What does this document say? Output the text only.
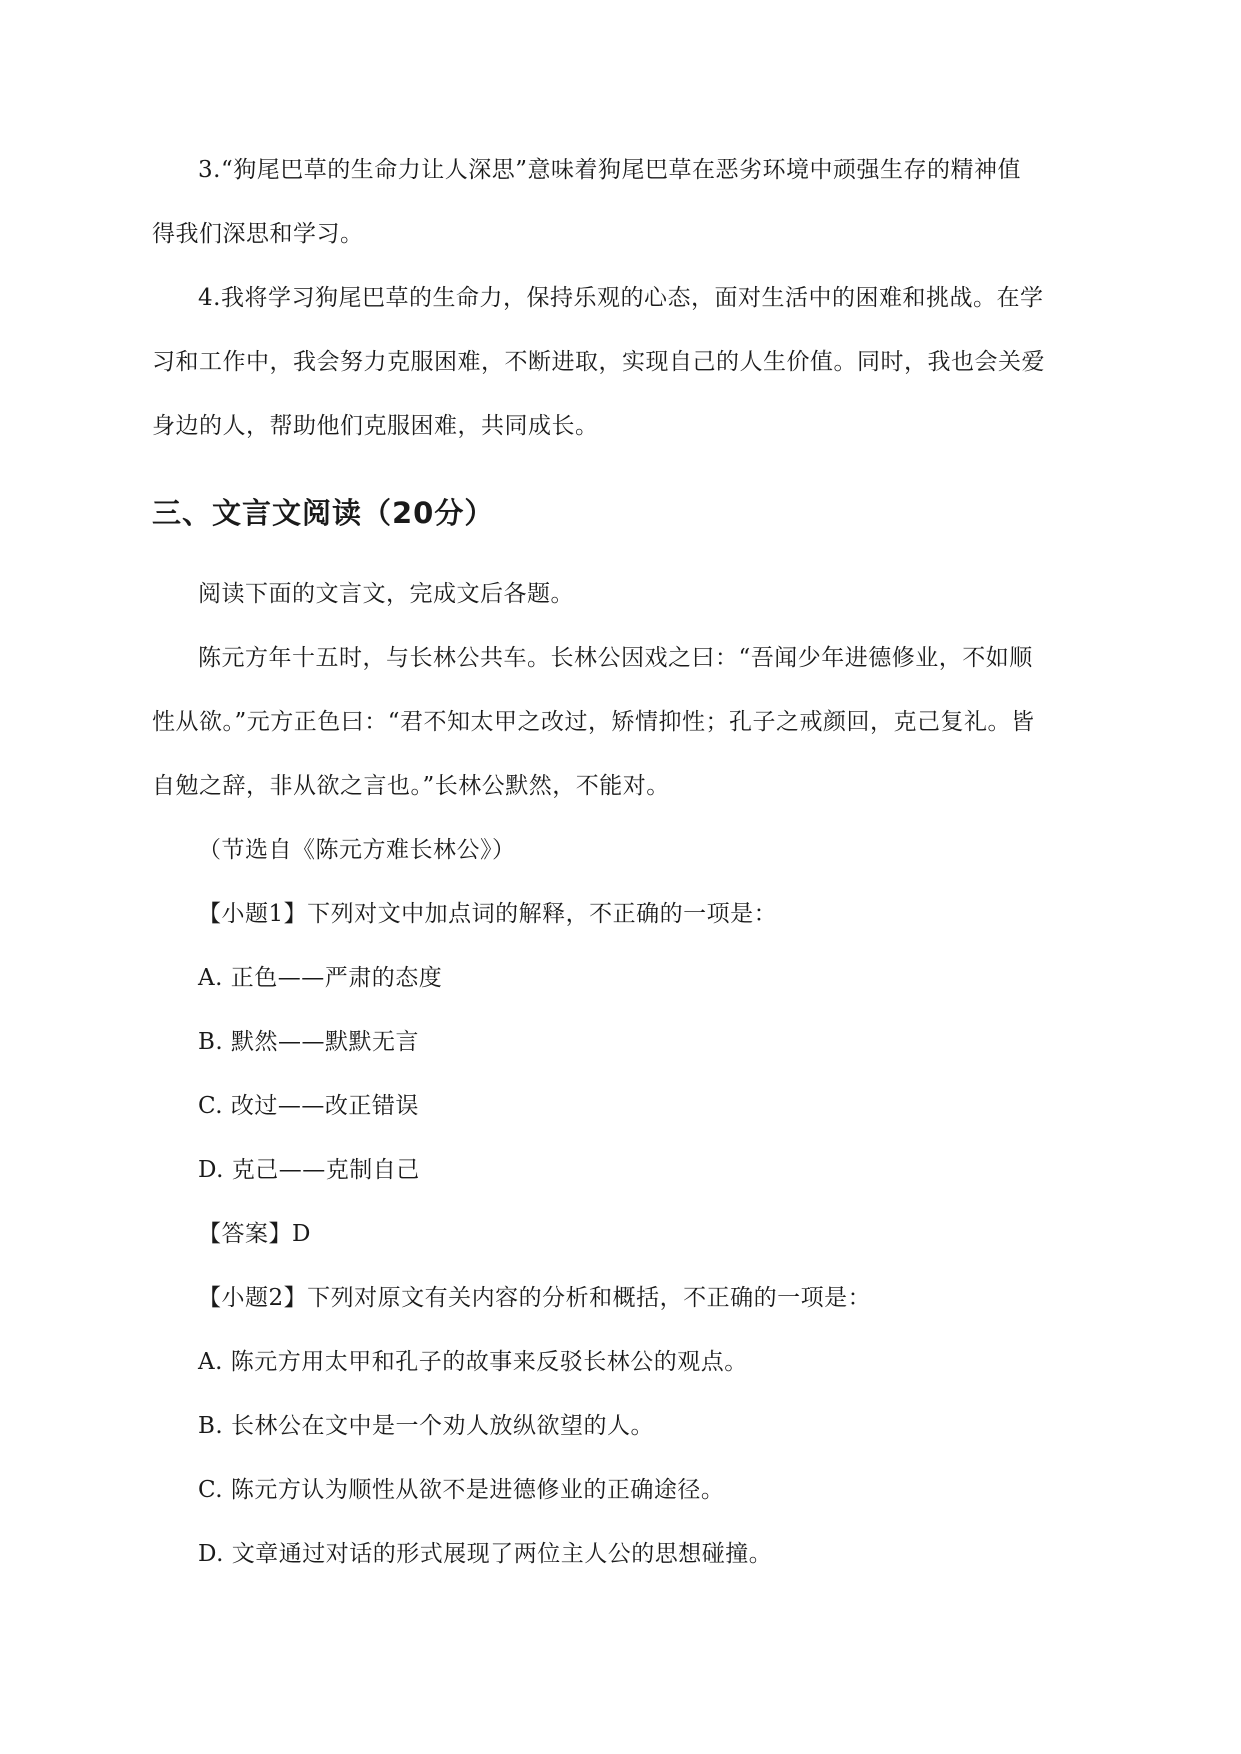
3.“狗尾巴草的生命力让人深思”意味着狗尾巴草在恶劣环境中顽强生存的精神值
得我们深思和学习。
4.我将学习狗尾巴草的生命力，保持乐观的心态，面对生活中的困难和挑战。在学
习和工作中，我会努力克服困难，不断进取，实现自己的人生价值。同时，我也会关爱
身边的人，帮助他们克服困难，共同成长。
三、文言文阅读（20分）
阅读下面的文言文，完成文后各题。
陈元方年十五时，与长林公共车。长林公因戏之曰：“吾闻少年进德修业，不如顺
性从欲。”元方正色曰：“君不知太甲之改过，矫情抑性；孔子之戒颜回，克己复礼。皆
自勉之辞，非从欲之言也。”长林公默然，不能对。
（节选自《陈元方难长林公》）
【小题1】下列对文中加点词的解释，不正确的一项是：
A. 正色——严肃的态度
B. 默然——默默无言
C. 改过——改正错误
D. 克己——克制自己
【答案】D
【小题2】下列对原文有关内容的分析和概括，不正确的一项是：
A. 陈元方用太甲和孔子的故事来反驳长林公的观点。
B. 长林公在文中是一个劝人放纵欲望的人。
C. 陈元方认为顺性从欲不是进德修业的正确途径。
D. 文章通过对话的形式展现了两位主人公的思想碰撞。
